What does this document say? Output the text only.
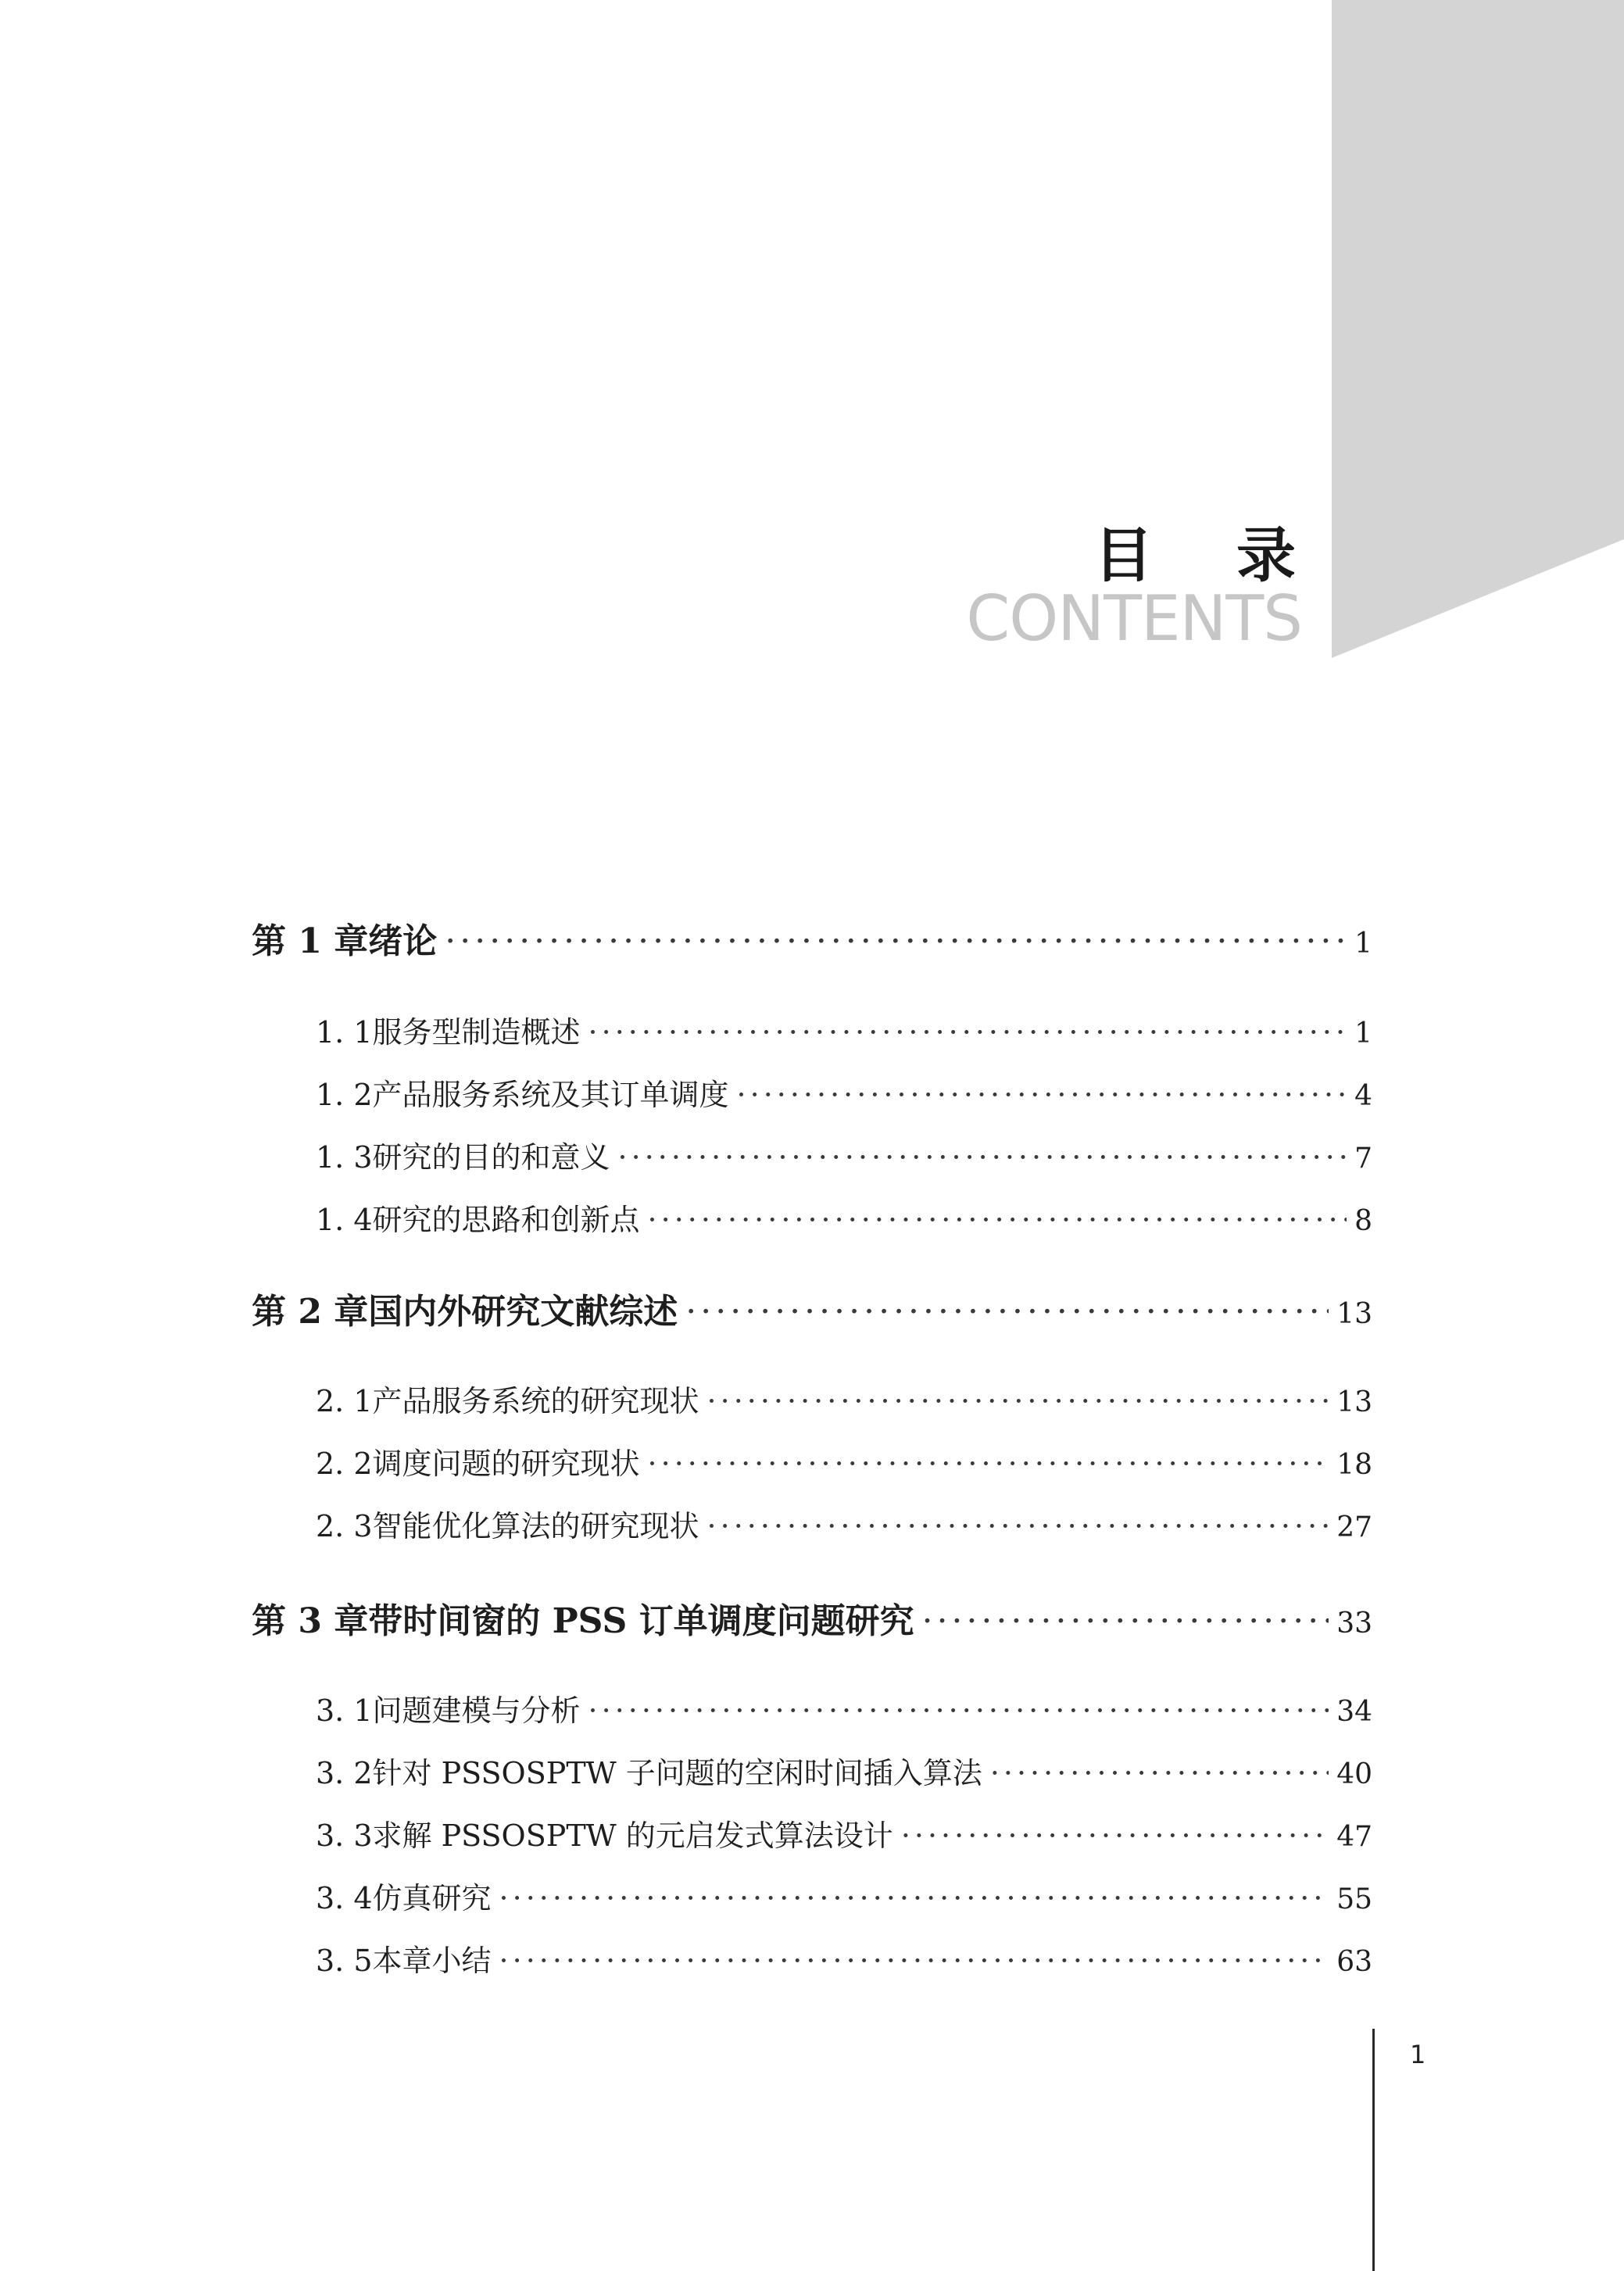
目 录
CONTENTS
第 1 章 绪论 ·····	1
1. 1 服务型制造概述 ·····	1
1. 2 产品服务系统及其订单调度 ·····	4
1. 3 研究的目的和意义 ·····	7
1. 4 研究的思路和创新点 ·····	8
第 2 章 国内外研究文献综述 ·····	13
2. 1 产品服务系统的研究现状 ·····	13
2. 2 调度问题的研究现状 ·····	18
2. 3 智能优化算法的研究现状 ·····	27
第 3 章 带时间窗的 PSS 订单调度问题研究 ·····	33
3. 1 问题建模与分析 ·····	34
3. 2 针对 PSSOSPTW 子问题的空闲时间插入算法 ·····	40
3. 3 求解 PSSOSPTW 的元启发式算法设计 ·····	47
3. 4 仿真研究 ·····	55
3. 5 本章小结 ·····	63
1
